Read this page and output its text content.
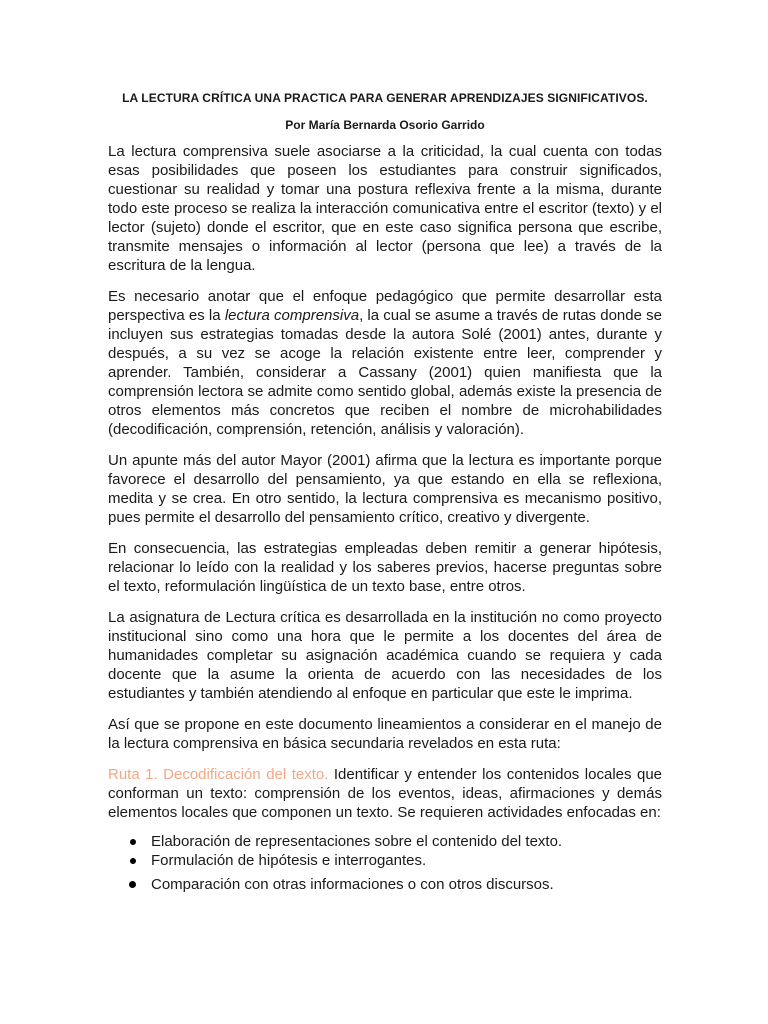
LA LECTURA CRÍTICA UNA PRACTICA PARA GENERAR APRENDIZAJES SIGNIFICATIVOS.
Por María Bernarda Osorio Garrido

La lectura comprensiva suele asociarse a la criticidad, la cual cuenta con todas esas posibilidades que poseen los estudiantes para construir significados, cuestionar su realidad y tomar una postura reflexiva frente a la misma, durante todo este proceso se realiza la interacción comunicativa entre el escritor (texto) y el lector (sujeto) donde el escritor, que en este caso significa persona que escribe, transmite mensajes o información al lector (persona que lee) a través de la escritura de la lengua.

Es necesario anotar que el enfoque pedagógico que permite desarrollar esta perspectiva es la lectura comprensiva, la cual se asume a través de rutas donde se incluyen sus estrategias tomadas desde la autora Solé (2001) antes, durante y después, a su vez se acoge la relación existente entre leer, comprender y aprender. También, considerar a Cassany (2001) quien manifiesta que la comprensión lectora se admite como sentido global, además existe la presencia de otros elementos más concretos que reciben el nombre de microhabilidades (decodificación, comprensión, retención, análisis y valoración).

Un apunte más del autor Mayor (2001) afirma que la lectura es importante porque favorece el desarrollo del pensamiento, ya que estando en ella se reflexiona, medita y se crea. En otro sentido, la lectura comprensiva es mecanismo positivo, pues permite el desarrollo del pensamiento crítico, creativo y divergente.

En consecuencia, las estrategias empleadas deben remitir a generar hipótesis, relacionar lo leído con la realidad y los saberes previos, hacerse preguntas sobre el texto, reformulación lingüística de un texto base, entre otros.

La asignatura de Lectura crítica es desarrollada en la institución no como proyecto institucional sino como una hora que le permite a los docentes del área de humanidades completar su asignación académica cuando se requiera y cada docente que la asume la orienta de acuerdo con las necesidades de los estudiantes y también atendiendo al enfoque en particular que este le imprima.

Así que se propone en este documento lineamientos a considerar en el manejo de la lectura comprensiva en básica secundaria revelados en esta ruta:

Ruta 1. Decodificación del texto. Identificar y entender los contenidos locales que conforman un texto: comprensión de los eventos, ideas, afirmaciones y demás elementos locales que componen un texto. Se requieren actividades enfocadas en:

Elaboración de representaciones sobre el contenido del texto.
Formulación de hipótesis e interrogantes.
Comparación con otras informaciones o con otros discursos.
